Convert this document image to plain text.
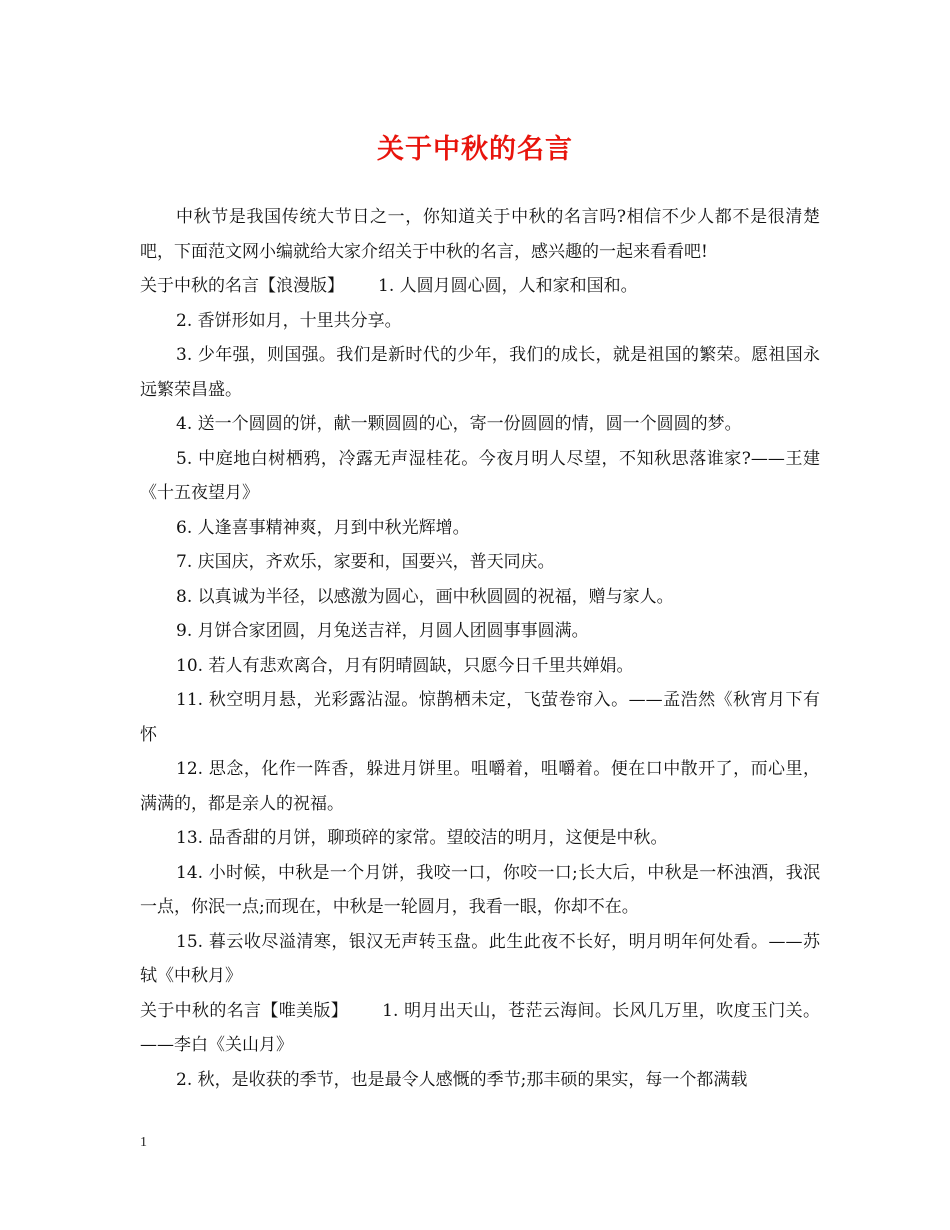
关于中秋的名言

中秋节是我国传统大节日之一，你知道关于中秋的名言吗?相信不少人都不是很清楚吧，下面范文网小编就给大家介绍关于中秋的名言，感兴趣的一起来看看吧!

关于中秋的名言【浪漫版】 1. 人圆月圆心圆，人和家和国和。

2. 香饼形如月，十里共分享。

3. 少年强，则国强。我们是新时代的少年，我们的成长，就是祖国的繁荣。愿祖国永远繁荣昌盛。

4. 送一个圆圆的饼，献一颗圆圆的心，寄一份圆圆的情，圆一个圆圆的梦。

5. 中庭地白树栖鸦，冷露无声湿桂花。今夜月明人尽望，不知秋思落谁家?——王建《十五夜望月》

6. 人逢喜事精神爽，月到中秋光辉增。

7. 庆国庆，齐欢乐，家要和，国要兴，普天同庆。

8. 以真诚为半径，以感激为圆心，画中秋圆圆的祝福，赠与家人。

9. 月饼合家团圆，月兔送吉祥，月圆人团圆事事圆满。

10. 若人有悲欢离合，月有阴晴圆缺，只愿今日千里共婵娟。

11. 秋空明月悬，光彩露沾湿。惊鹊栖未定，飞萤卷帘入。——孟浩然《秋宵月下有怀

12. 思念，化作一阵香，躲进月饼里。咀嚼着，咀嚼着。便在口中散开了，而心里，满满的，都是亲人的祝福。

13. 品香甜的月饼，聊琐碎的家常。望皎洁的明月，这便是中秋。

14. 小时候，中秋是一个月饼，我咬一口，你咬一口;长大后，中秋是一杯浊酒，我泯一点，你泯一点;而现在，中秋是一轮圆月，我看一眼，你却不在。

15. 暮云收尽溢清寒，银汉无声转玉盘。此生此夜不长好，明月明年何处看。——苏轼《中秋月》

关于中秋的名言【唯美版】 1. 明月出天山，苍茫云海间。长风几万里，吹度玉门关。——李白《关山月》

2. 秋，是收获的季节，也是最令人感慨的季节;那丰硕的果实，每一个都满载

1
